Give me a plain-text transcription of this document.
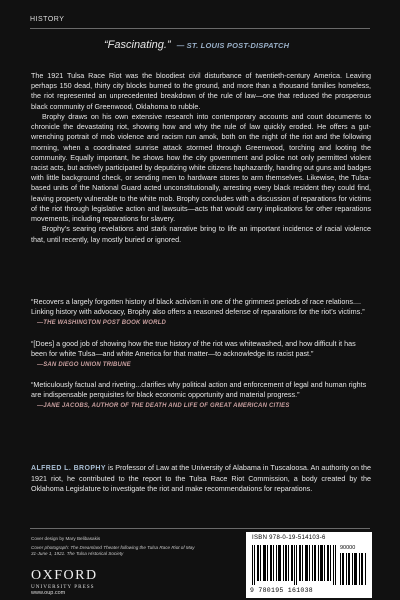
HISTORY
“Fascinating.” — ST. LOUIS POST-DISPATCH

The 1921 Tulsa Race Riot was the bloodiest civil disturbance of twentieth-century America. Leaving perhaps 150 dead, thirty city blocks burned to the ground, and more than a thousand families homeless, the riot represented an unprecedented breakdown of the rule of law—one that reduced the prosperous black community of Greenwood, Oklahoma to rubble.

Brophy draws on his own extensive research into contemporary accounts and court documents to chronicle the devastating riot, showing how and why the rule of law quickly eroded. He offers a gut-wrenching portrait of mob violence and racism run amok, both on the night of the riot and the following morning, when a coordinated sunrise attack stormed through Greenwood, torching and looting the community. Equally important, he shows how the city government and police not only permitted violent racist acts, but actively participated by deputizing white citizens haphazardly, handing out guns and badges with little background check, or sending men to hardware stores to arm themselves. Likewise, the Tulsa-based units of the National Guard acted unconstitutionally, arresting every black resident they could find, leaving property vulnerable to the white mob. Brophy concludes with a discussion of reparations for victims of the riot through legislative action and lawsuits—acts that would carry implications for other reparations movements, including reparations for slavery.

Brophy’s searing revelations and stark narrative bring to life an important incidence of racial violence that, until recently, lay mostly buried or ignored.

“Recovers a largely forgotten history of black activism in one of the grimmest periods of race relations.... Linking history with advocacy, Brophy also offers a reasoned defense of reparations for the riot’s victims.” —THE WASHINGTON POST BOOK WORLD
“[Does] a good job of showing how the true history of the riot was whitewashed, and how difficult it has been for white Tulsa—and white America for that matter—to acknowledge its racist past.” —SAN DIEGO UNION TRIBUNE
“Meticulously factual and riveting...clarifies why political action and enforcement of legal and human rights are indispensable perquisites for black economic opportunity and material progress.” —JANE JACOBS, AUTHOR OF THE DEATH AND LIFE OF GREAT AMERICAN CITIES
ALFRED L. BROPHY is Professor of Law at the University of Alabama in Tuscaloosa. An authority on the 1921 riot, he contributed to the report to the Tulsa Race Riot Commission, a body created by the Oklahoma Legislature to investigate the riot and make recommendations for reparations.
Cover design by Mary Belibasakis
Cover photograph: The Dreamland Theater following the Tulsa Race Riot of May 31-June 1, 1921. The Tulsa Historical Society
OXFORD
UNIVERSITY PRESS
www.oup.com
ISBN 978-0-19-514103-6
90000
9 780195 161038
